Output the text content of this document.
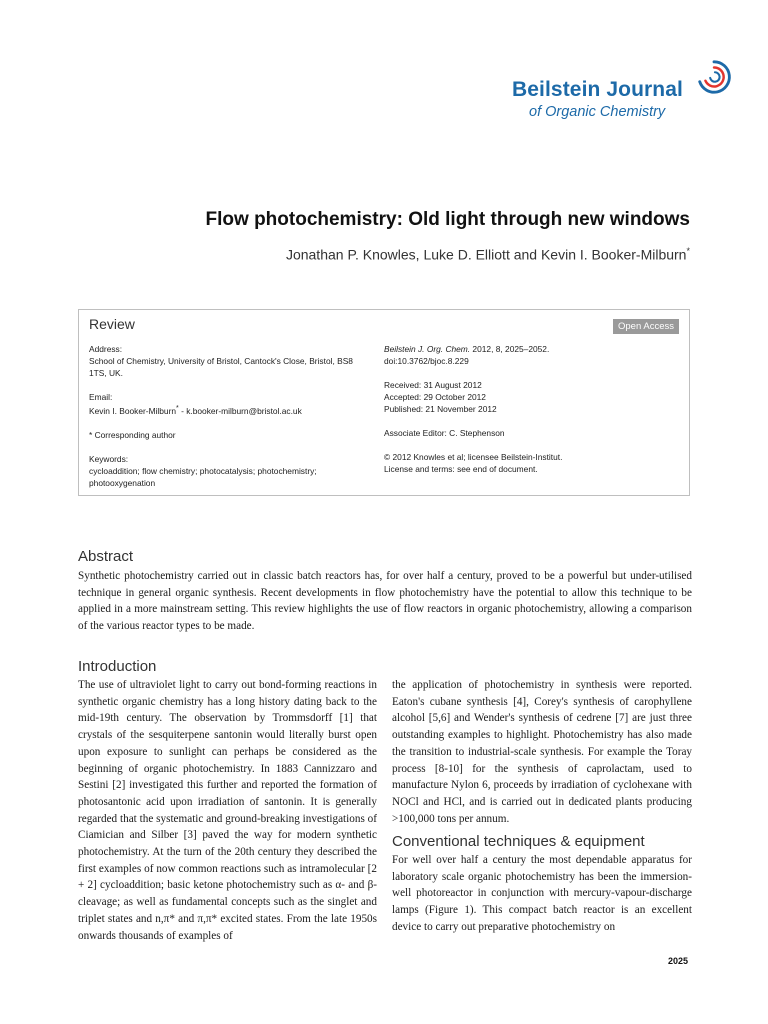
Beilstein Journal
of Organic Chemistry
Flow photochemistry: Old light through new windows
Jonathan P. Knowles, Luke D. Elliott and Kevin I. Booker-Milburn*
Review	Open Access

Address:

School of Chemistry, University of Bristol, Cantock's Close, Bristol, BS8 1TS, UK.

Email:

Kevin I. Booker-Milburn* - k.booker-milburn@bristol.ac.uk

* Corresponding author

Keywords:

cycloaddition; flow chemistry; photocatalysis; photochemistry; photooxygenation

Beilstein J. Org. Chem. 2012, 8, 2025–2052.

doi:10.3762/bjoc.8.229

Received: 31 August 2012

Accepted: 29 October 2012

Published: 21 November 2012

Associate Editor: C. Stephenson

© 2012 Knowles et al; licensee Beilstein-Institut.

License and terms: see end of document.

Abstract

Synthetic photochemistry carried out in classic batch reactors has, for over half a century, proved to be a powerful but under-utilised technique in general organic synthesis. Recent developments in flow photochemistry have the potential to allow this technique to be applied in a more mainstream setting. This review highlights the use of flow reactors in organic photochemistry, allowing a comparison of the various reactor types to be made.

Introduction

The use of ultraviolet light to carry out bond-forming reactions in synthetic organic chemistry has a long history dating back to the mid-19th century. The observation by Trommsdorff [1] that crystals of the sesquiterpene santonin would literally burst open upon exposure to sunlight can perhaps be considered as the beginning of organic photochemistry. In 1883 Cannizzaro and Sestini [2] investigated this further and reported the formation of photosantonic acid upon irradiation of santonin. It is generally regarded that the systematic and ground-breaking investigations of Ciamician and Silber [3] paved the way for modern synthetic photochemistry. At the turn of the 20th century they described the first examples of now common reactions such as intramolecular [2 + 2] cycloaddition; basic ketone photochemistry such as α- and β-cleavage; as well as fundamental concepts such as the singlet and triplet states and n,π* and π,π* excited states. From the late 1950s onwards thousands of examples of

the application of photochemistry in synthesis were reported. Eaton's cubane synthesis [4], Corey's synthesis of carophyllene alcohol [5,6] and Wender's synthesis of cedrene [7] are just three outstanding examples to highlight. Photochemistry has also made the transition to industrial-scale synthesis. For example the Toray process [8-10] for the synthesis of caprolactam, used to manufacture Nylon 6, proceeds by irradiation of cyclohexane with NOCl and HCl, and is carried out in dedicated plants producing >100,000 tons per annum.

Conventional techniques & equipment

For well over half a century the most dependable apparatus for laboratory scale organic photochemistry has been the immersion-well photoreactor in conjunction with mercury-vapour-discharge lamps (Figure 1). This compact batch reactor is an excellent device to carry out preparative photochemistry on

2025
